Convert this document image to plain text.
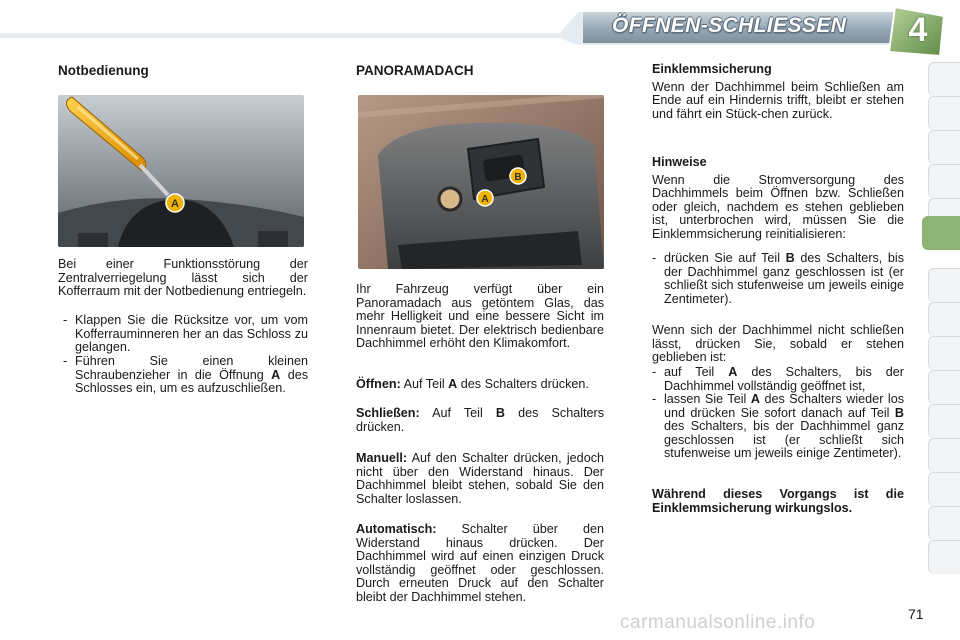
ÖFFNEN-SCHLIESSEN	4
Notbedienung
A

Bei einer Funktionsstörung der Zentralverriegelung lässt sich der Kofferraum mit der Notbedienung entriegeln.

- Klappen Sie die Rücksitze vor, um vom Kofferrauminneren her an das Schloss zu gelangen.
- Führen Sie einen kleinen Schraubenzieher in die Öffnung A des Schlosses ein, um es aufzuschließen.
PANORAMADACH
B
A

Ihr Fahrzeug verfügt über ein Panoramadach aus getöntem Glas, das mehr Helligkeit und eine bessere Sicht im Innenraum bietet. Der elektrisch bedienbare Dachhimmel erhöht den Klimakomfort.

Öffnen: Auf Teil A des Schalters drücken.

Schließen: Auf Teil B des Schalters drücken.

Manuell: Auf den Schalter drücken, jedoch nicht über den Widerstand hinaus. Der Dachhimmel bleibt stehen, sobald Sie den Schalter loslassen.

Automatisch: Schalter über den Widerstand hinaus drücken. Der Dachhimmel wird auf einen einzigen Druck vollständig geöffnet oder geschlossen. Durch erneuten Druck auf den Schalter bleibt der Dachhimmel stehen.

Einklemmsicherung

Wenn der Dachhimmel beim Schließen am Ende auf ein Hindernis trifft, bleibt er stehen und fährt ein Stück-chen zurück.

Hinweise

Wenn die Stromversorgung des Dachhimmels beim Öffnen bzw. Schließen oder gleich, nachdem es stehen geblieben ist, unterbrochen wird, müssen Sie die Einklemmsicherung reinitialisieren:

- drücken Sie auf Teil B des Schalters, bis der Dachhimmel ganz geschlossen ist (er schließt sich stufenweise um jeweils einige Zentimeter).

Wenn sich der Dachhimmel nicht schließen lässt, drücken Sie, sobald er stehen geblieben ist:

- auf Teil A des Schalters, bis der Dachhimmel vollständig geöffnet ist,
- lassen Sie Teil A des Schalters wieder los und drücken Sie sofort danach auf Teil B des Schalters, bis der Dachhimmel ganz geschlossen ist (er schließt sich stufenweise um jeweils einige Zentimeter).

Während dieses Vorgangs ist die Einklemmsicherung wirkungslos.

carmanualsonline.info	71
